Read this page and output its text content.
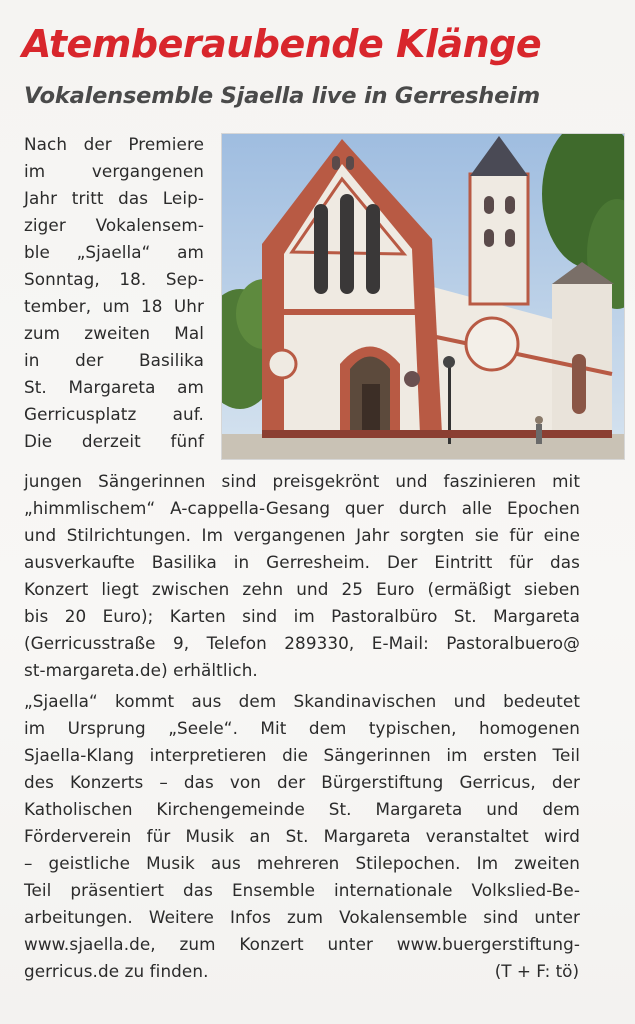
Atemberaubende Klänge
Vokalensemble Sjaella live in Gerresheim
Nach der Premiere
im vergangenen
Jahr tritt das Leip-
ziger Vokalensem-
ble „Sjaella“ am
Sonntag, 18. Sep-
tember, um 18 Uhr
zum zweiten Mal
in der Basilika
St. Margareta am
Gerricusplatz auf.
Die derzeit fünf
jungen Sängerinnen sind preisgekrönt und faszinieren mit
„himmlischem“ A-cappella-Gesang quer durch alle Epochen
und Stilrichtungen. Im vergangenen Jahr sorgten sie für eine
ausverkaufte Basilika in Gerresheim. Der Eintritt für das
Konzert liegt zwischen zehn und 25 Euro (ermäßigt sieben
bis 20 Euro); Karten sind im Pastoralbüro St. Margareta
(Gerricusstraße 9, Telefon 289330, E-Mail: Pastoralbuero@
st-margareta.de) erhältlich.
„Sjaella“ kommt aus dem Skandinavischen und bedeutet
im Ursprung „Seele“. Mit dem typischen, homogenen
Sjaella-Klang interpretieren die Sängerinnen im ersten Teil
des Konzerts – das von der Bürgerstiftung Gerricus, der
Katholischen Kirchengemeinde St. Margareta und dem
Förderverein für Musik an St. Margareta veranstaltet wird
– geistliche Musik aus mehreren Stilepochen. Im zweiten
Teil präsentiert das Ensemble internationale Volkslied-Be-
arbeitungen. Weitere Infos zum Vokalensemble sind unter
www.sjaella.de, zum Konzert unter www.buergerstiftung-
gerricus.de zu finden.	(T + F: tö)
